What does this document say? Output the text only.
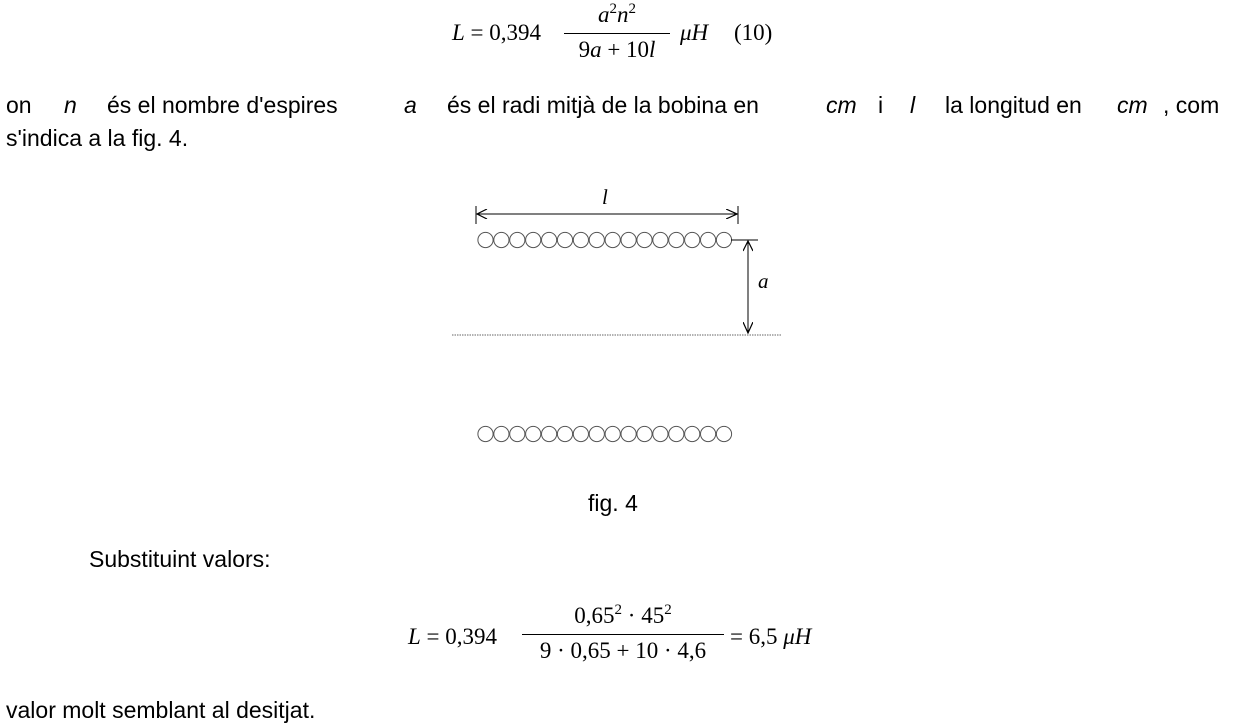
L = 0,394
$a^2n^2$
9a + 10l
μH (10)
on n és el nombre d'espires	a és el radi mitjà de la bobina en	cm i l la longitud en cm , com
s'indica a la fig. 4.
l
a
fig. 4
Substituint valors:
L = 0,394
$0,65^2 \cdot 45^2$
9 · 0,65 + 10 · 4,6
= 6,5 μH
valor molt semblant al desitjat.
